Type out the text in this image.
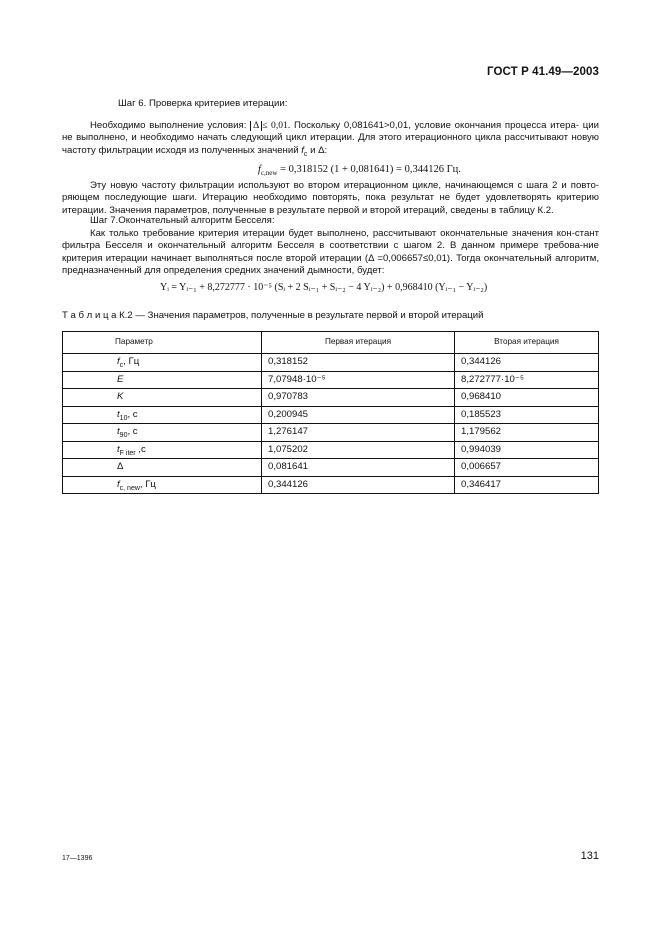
ГОСТ Р 41.49—2003
Шаг 6. Проверка критериев итерации:
Необходимо выполнение условия: Δ ≤ 0,01. Поскольку 0,081641>0,01, условие окончания процесса итера- ции не выполнено, и необходимо начать следующий цикл итерации. Для этого итерационного цикла рассчитывают новую частоту фильтрации исходя из полученных значений $f_c$ и Δ:
$f_{c,new} = 0,318152$ (1 + 0,081641) = 0,344126 Гц.
Эту новую частоту фильтрации используют во втором итерационном цикле, начинающемся с шага 2 и повто-ряющем последующие шаги. Итерацию необходимо повторять, пока результат не будет удовлетворять критерию итерации. Значения параметров, полученные в результате первой и второй итераций, сведены в таблицу К.2.
Шаг 7.Окончательный алгоритм Бесселя:
Как только требование критерия итерации будет выполнено, рассчитывают окончательные значения кон-стант фильтра Бесселя и окончательный алгоритм Бесселя в соответствии с шагом 2. В данном примере требова-ние критерия итерации начинает выполняться после второй итерации (Δ =0,006657≤0,01). Тогда окончательный алгоритм, предназначенный для определения средних значений дымности, будет:
Yᵢ = Yᵢ₋₁ + 8,272777 · 10⁻⁵ (Sᵢ + 2 Sᵢ₋₁ + Sᵢ₋₂ − 4 Yᵢ₋₂) + 0,968410 (Yᵢ₋₁ − Yᵢ₋₂)
Т а б л и ц а К.2 — Значения параметров, полученные в результате первой и второй итераций
Параметр	Первая итерация	Вторая итерация
$f_c$, Гц	0,318152	0,344126
E	7,07948·10⁻⁵	8,272777·10⁻⁵
K	0,970783	0,968410
$t_{10}$, с	0,200945	0,185523
$t_{90}$, с	1,276147	1,179562
$t_{F iter}$ ,с	1,075202	0,994039
Δ	0,081641	0,006657
$f_{c, new}$, Гц	0,344126	0,346417
17—1396	131
